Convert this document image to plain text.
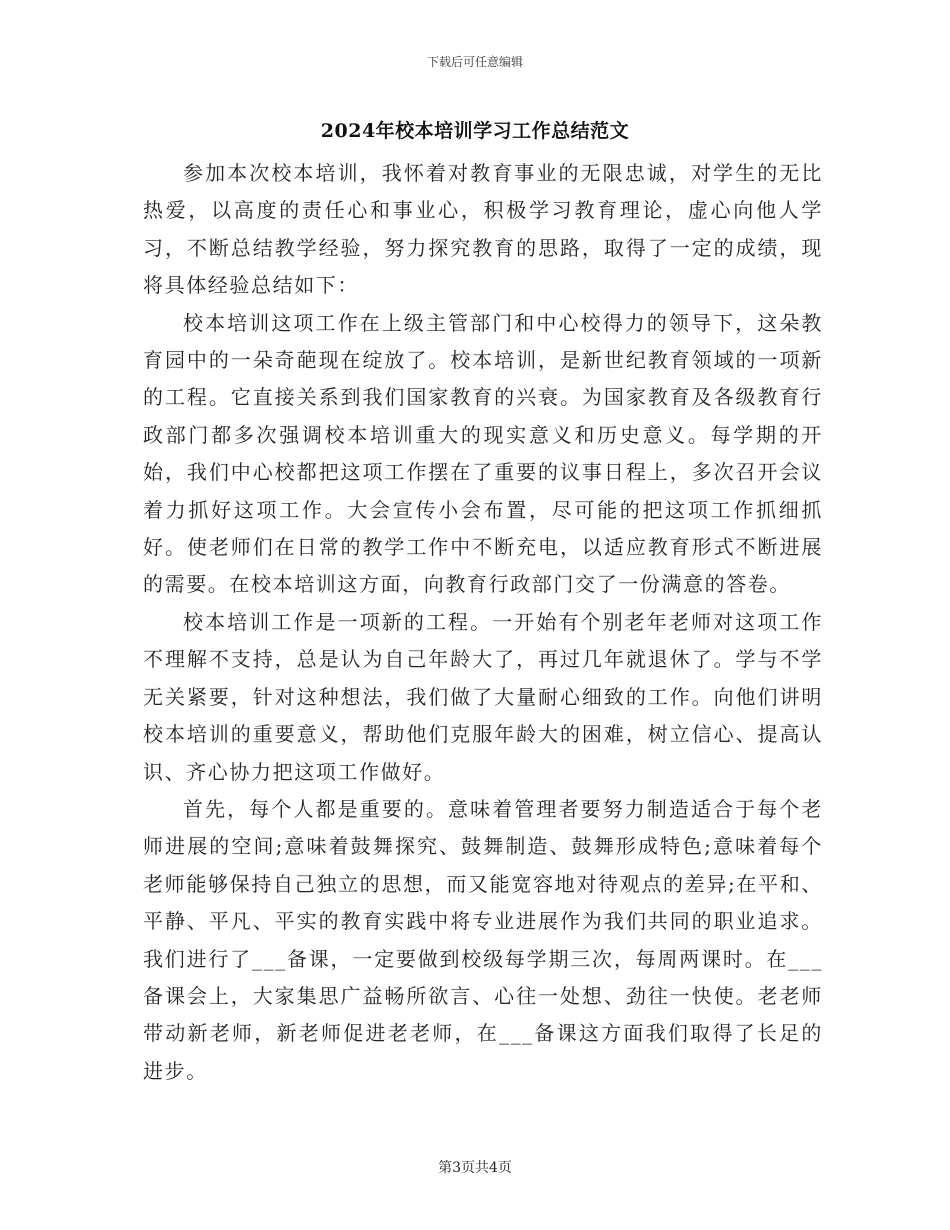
下载后可任意编辑
2024年校本培训学习工作总结范文

参加本次校本培训，我怀着对教育事业的无限忠诚，对学生的无比热爱，以高度的责任心和事业心，积极学习教育理论，虚心向他人学习，不断总结教学经验，努力探究教育的思路，取得了一定的成绩，现将具体经验总结如下：

校本培训这项工作在上级主管部门和中心校得力的领导下，这朵教育园中的一朵奇葩现在绽放了。校本培训，是新世纪教育领域的一项新的工程。它直接关系到我们国家教育的兴衰。为国家教育及各级教育行政部门都多次强调校本培训重大的现实意义和历史意义。每学期的开始，我们中心校都把这项工作摆在了重要的议事日程上，多次召开会议着力抓好这项工作。大会宣传小会布置，尽可能的把这项工作抓细抓好。使老师们在日常的教学工作中不断充电，以适应教育形式不断进展的需要。在校本培训这方面，向教育行政部门交了一份满意的答卷。

校本培训工作是一项新的工程。一开始有个别老年老师对这项工作不理解不支持，总是认为自己年龄大了，再过几年就退休了。学与不学无关紧要，针对这种想法，我们做了大量耐心细致的工作。向他们讲明校本培训的重要意义，帮助他们克服年龄大的困难，树立信心、提高认识、齐心协力把这项工作做好。

首先，每个人都是重要的。意味着管理者要努力制造适合于每个老师进展的空间;意味着鼓舞探究、鼓舞制造、鼓舞形成特色;意味着每个老师能够保持自己独立的思想，而又能宽容地对待观点的差异;在平和、平静、平凡、平实的教育实践中将专业进展作为我们共同的职业追求。我们进行了___备课，一定要做到校级每学期三次，每周两课时。在___备课会上，大家集思广益畅所欲言、心往一处想、劲往一快使。老老师带动新老师，新老师促进老老师，在___备课这方面我们取得了长足的进步。

第3页共4页
